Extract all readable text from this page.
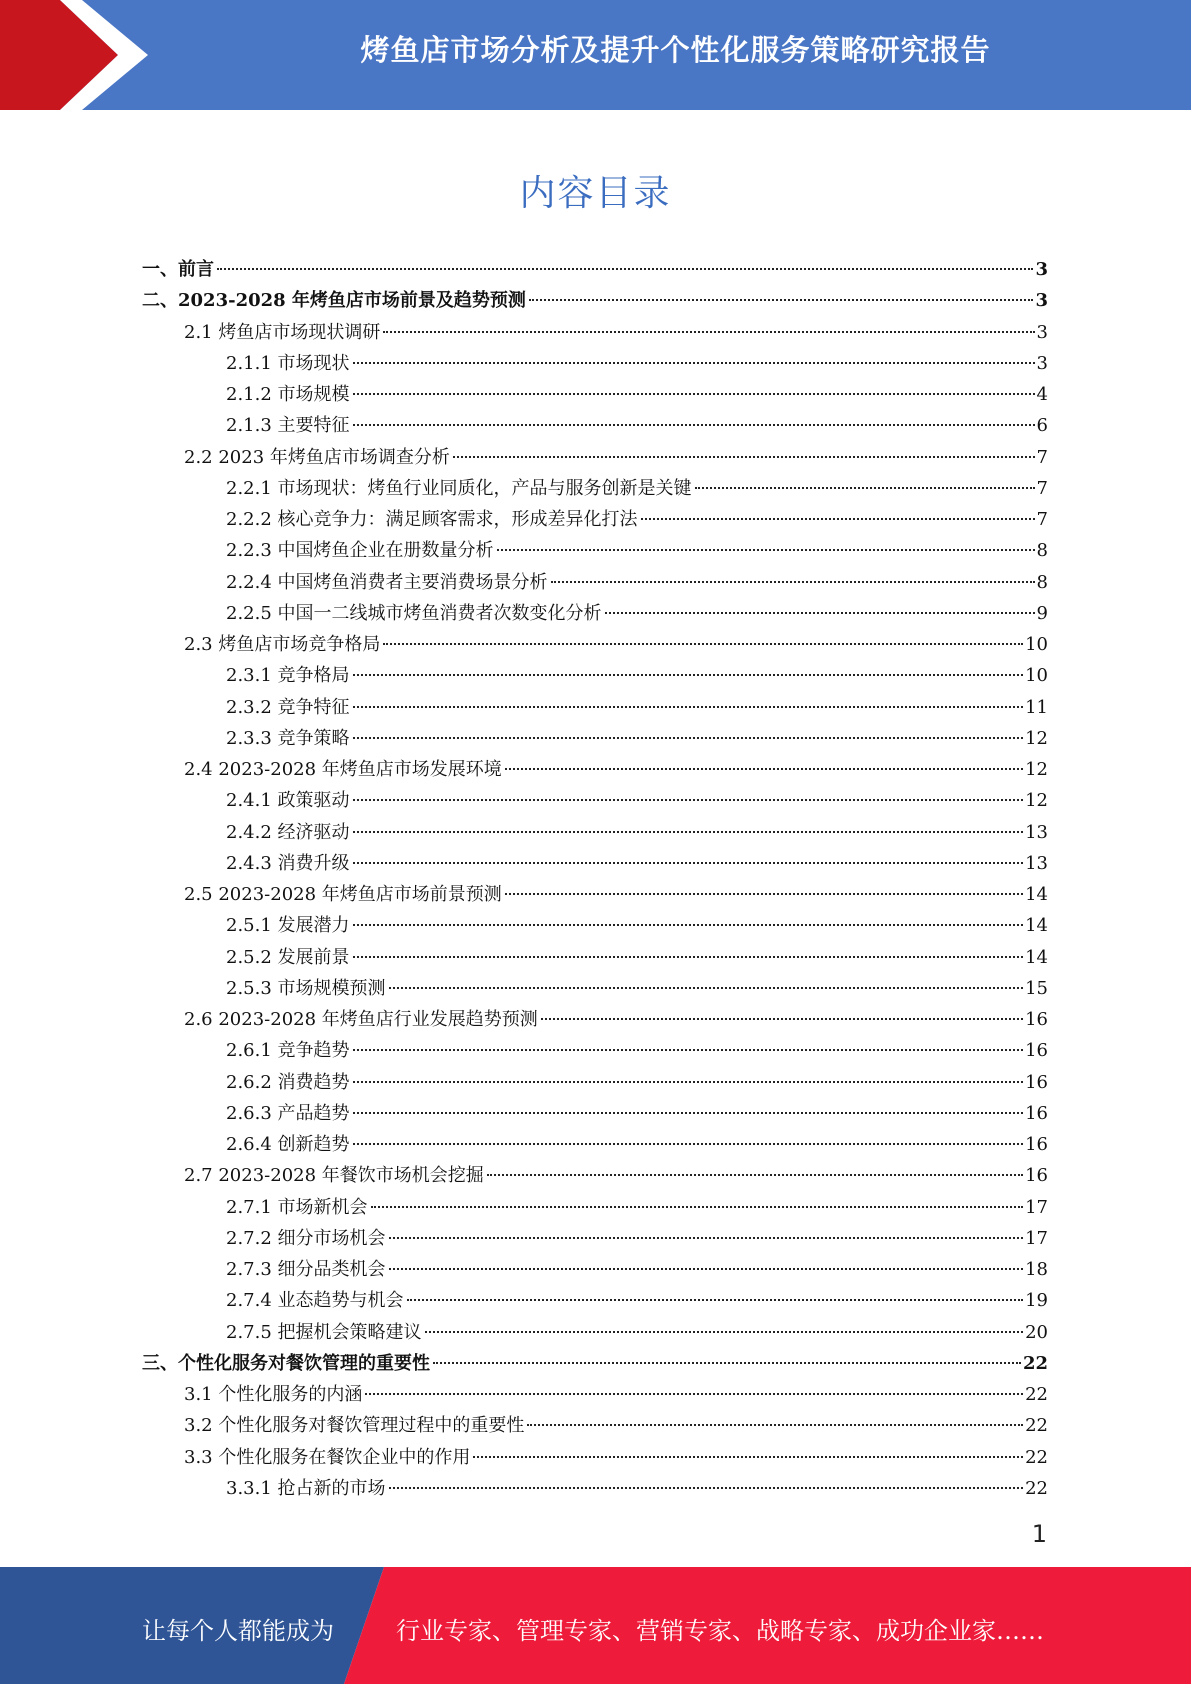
烤鱼店市场分析及提升个性化服务策略研究报告
内容目录
一、前言	3
二、2023-2028 年烤鱼店市场前景及趋势预测	3
2.1 烤鱼店市场现状调研	3
2.1.1 市场现状	3
2.1.2 市场规模	4
2.1.3 主要特征	6
2.2 2023 年烤鱼店市场调查分析	7
2.2.1 市场现状：烤鱼行业同质化，产品与服务创新是关键	7
2.2.2 核心竞争力：满足顾客需求，形成差异化打法	7
2.2.3 中国烤鱼企业在册数量分析	8
2.2.4 中国烤鱼消费者主要消费场景分析	8
2.2.5 中国一二线城市烤鱼消费者次数变化分析	9
2.3 烤鱼店市场竞争格局	10
2.3.1 竞争格局	10
2.3.2 竞争特征	11
2.3.3 竞争策略	12
2.4 2023-2028 年烤鱼店市场发展环境	12
2.4.1 政策驱动	12
2.4.2 经济驱动	13
2.4.3 消费升级	13
2.5 2023-2028 年烤鱼店市场前景预测	14
2.5.1 发展潜力	14
2.5.2 发展前景	14
2.5.3 市场规模预测	15
2.6 2023-2028 年烤鱼店行业发展趋势预测	16
2.6.1 竞争趋势	16
2.6.2 消费趋势	16
2.6.3 产品趋势	16
2.6.4 创新趋势	16
2.7 2023-2028 年餐饮市场机会挖掘	16
2.7.1 市场新机会	17
2.7.2 细分市场机会	17
2.7.3 细分品类机会	18
2.7.4 业态趋势与机会	19
2.7.5 把握机会策略建议	20
三、个性化服务对餐饮管理的重要性	22
3.1 个性化服务的内涵	22
3.2 个性化服务对餐饮管理过程中的重要性	22
3.3 个性化服务在餐饮企业中的作用	22
3.3.1 抢占新的市场	22
1
让每个人都能成为	行业专家、管理专家、营销专家、战略专家、成功企业家……
